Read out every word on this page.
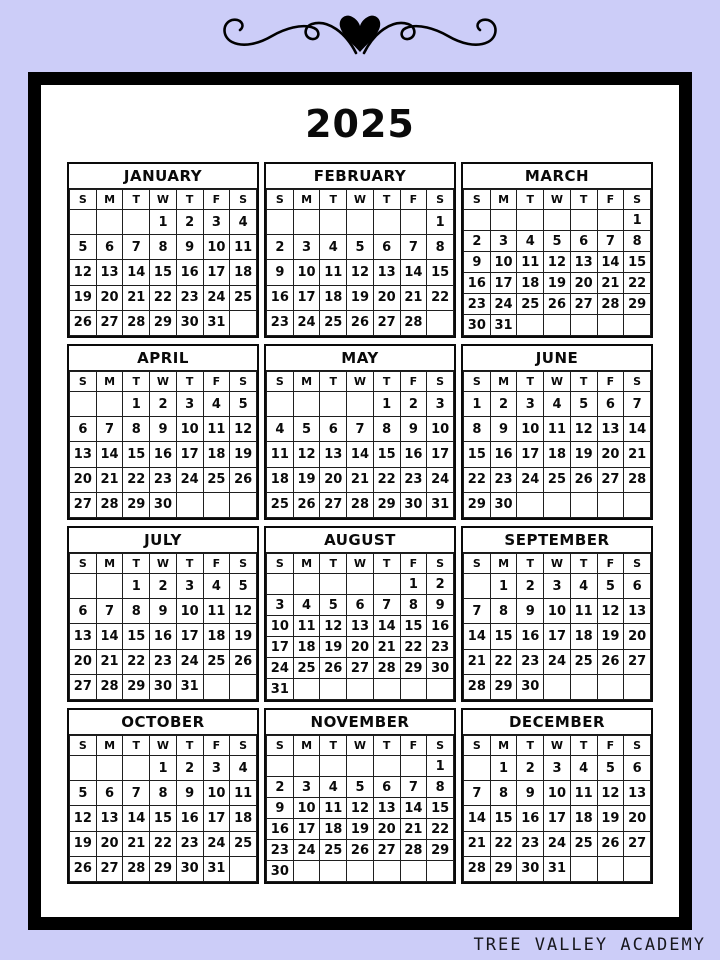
2025
JANUARY
S	M	T	W	T	F	S
			1	2	3	4
5	6	7	8	9	10	11
12	13	14	15	16	17	18
19	20	21	22	23	24	25
26	27	28	29	30	31	
FEBRUARY
S	M	T	W	T	F	S
						1
2	3	4	5	6	7	8
9	10	11	12	13	14	15
16	17	18	19	20	21	22
23	24	25	26	27	28	
MARCH
S	M	T	W	T	F	S
						1
2	3	4	5	6	7	8
9	10	11	12	13	14	15
16	17	18	19	20	21	22
23	24	25	26	27	28	29
30	31					
APRIL
S	M	T	W	T	F	S
		1	2	3	4	5
6	7	8	9	10	11	12
13	14	15	16	17	18	19
20	21	22	23	24	25	26
27	28	29	30			
MAY
S	M	T	W	T	F	S
				1	2	3
4	5	6	7	8	9	10
11	12	13	14	15	16	17
18	19	20	21	22	23	24
25	26	27	28	29	30	31
JUNE
S	M	T	W	T	F	S
1	2	3	4	5	6	7
8	9	10	11	12	13	14
15	16	17	18	19	20	21
22	23	24	25	26	27	28
29	30					
JULY
S	M	T	W	T	F	S
		1	2	3	4	5
6	7	8	9	10	11	12
13	14	15	16	17	18	19
20	21	22	23	24	25	26
27	28	29	30	31		
AUGUST
S	M	T	W	T	F	S
					1	2
3	4	5	6	7	8	9
10	11	12	13	14	15	16
17	18	19	20	21	22	23
24	25	26	27	28	29	30
31						
SEPTEMBER
S	M	T	W	T	F	S
	1	2	3	4	5	6
7	8	9	10	11	12	13
14	15	16	17	18	19	20
21	22	23	24	25	26	27
28	29	30				
OCTOBER
S	M	T	W	T	F	S
			1	2	3	4
5	6	7	8	9	10	11
12	13	14	15	16	17	18
19	20	21	22	23	24	25
26	27	28	29	30	31	
NOVEMBER
S	M	T	W	T	F	S
						1
2	3	4	5	6	7	8
9	10	11	12	13	14	15
16	17	18	19	20	21	22
23	24	25	26	27	28	29
30						
DECEMBER
S	M	T	W	T	F	S
	1	2	3	4	5	6
7	8	9	10	11	12	13
14	15	16	17	18	19	20
21	22	23	24	25	26	27
28	29	30	31			
TREE VALLEY ACADEMY
